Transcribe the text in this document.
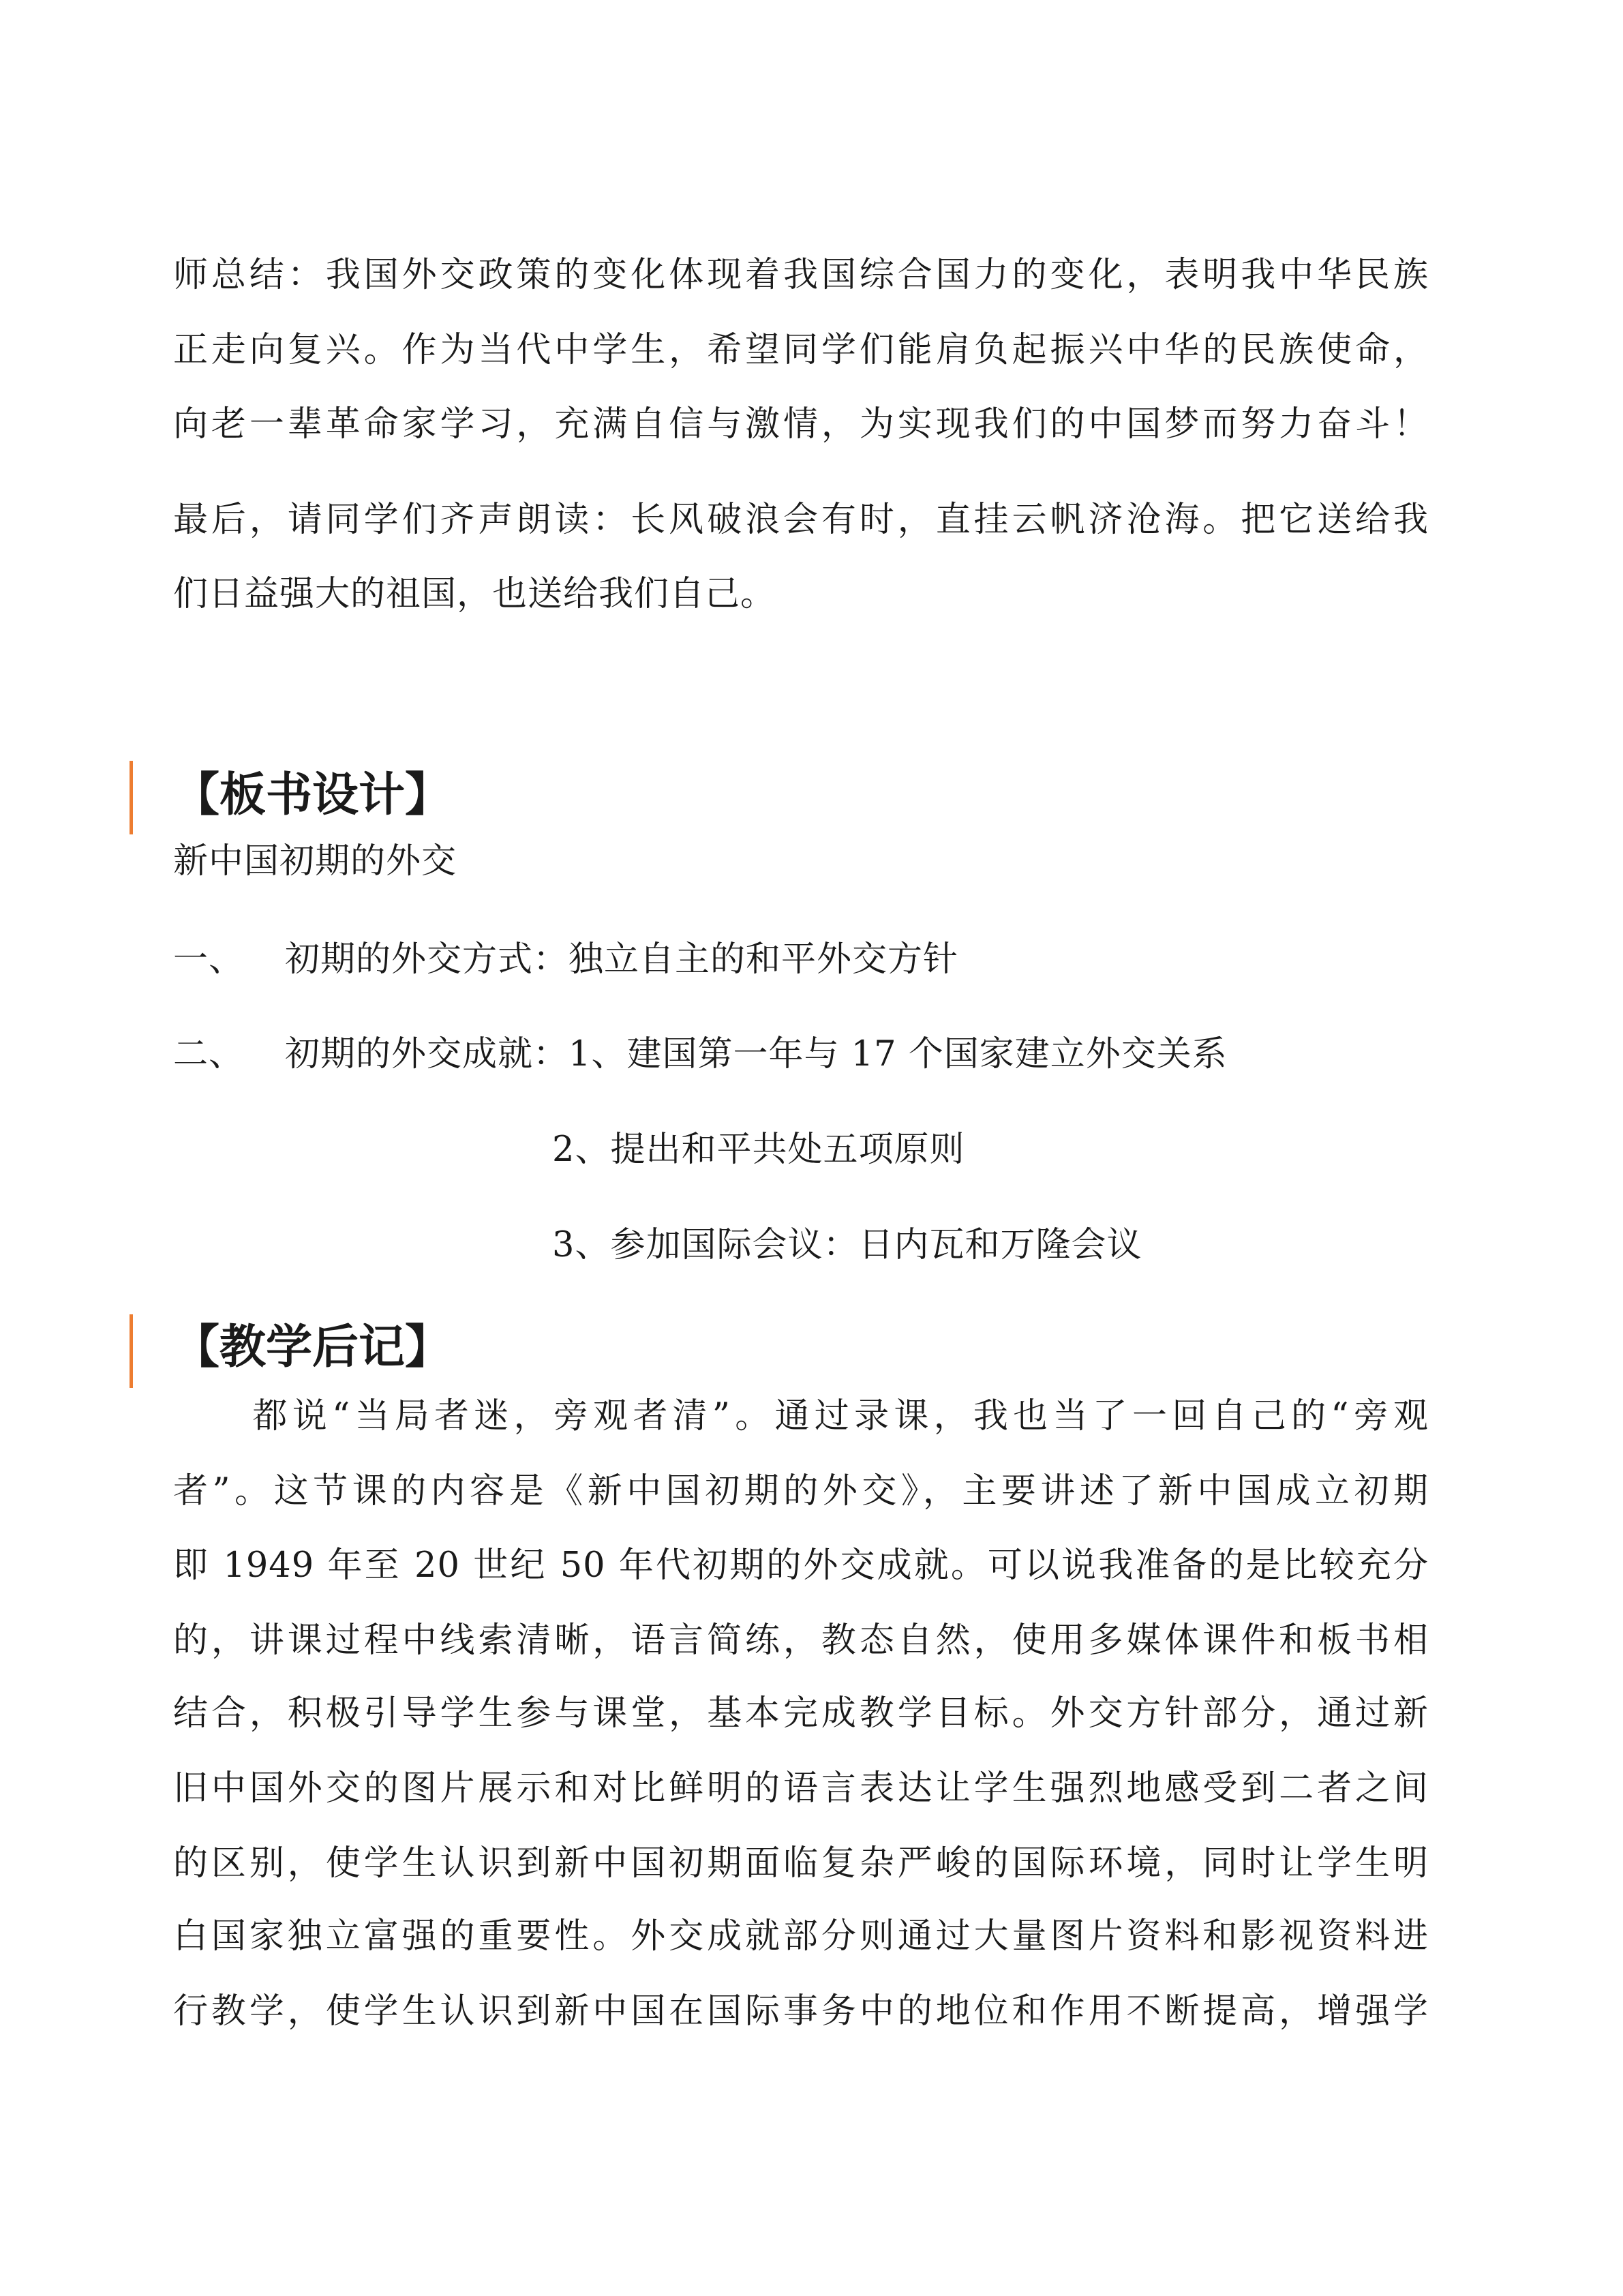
师总结：我国外交政策的变化体现着我国综合国力的变化，表明我中华民族
正走向复兴。作为当代中学生，希望同学们能肩负起振兴中华的民族使命，
向老一辈革命家学习，充满自信与激情，为实现我们的中国梦而努力奋斗！
最后，请同学们齐声朗读：长风破浪会有时，直挂云帆济沧海。把它送给我
们日益强大的祖国，也送给我们自己。
【板书设计】
新中国初期的外交
一、 初期的外交方式：独立自主的和平外交方针
二、 初期的外交成就：1、建国第一年与 17 个国家建立外交关系
2、提出和平共处五项原则
3、参加国际会议：日内瓦和万隆会议
【教学后记】
　　都说“当局者迷，旁观者清”。通过录课，我也当了一回自己的“旁观
者”。这节课的内容是《新中国初期的外交》，主要讲述了新中国成立初期
即 1949 年至 20 世纪 50 年代初期的外交成就。可以说我准备的是比较充分
的，讲课过程中线索清晰，语言简练，教态自然，使用多媒体课件和板书相
结合，积极引导学生参与课堂，基本完成教学目标。外交方针部分，通过新
旧中国外交的图片展示和对比鲜明的语言表达让学生强烈地感受到二者之间
的区别，使学生认识到新中国初期面临复杂严峻的国际环境，同时让学生明
白国家独立富强的重要性。外交成就部分则通过大量图片资料和影视资料进
行教学，使学生认识到新中国在国际事务中的地位和作用不断提高，增强学
